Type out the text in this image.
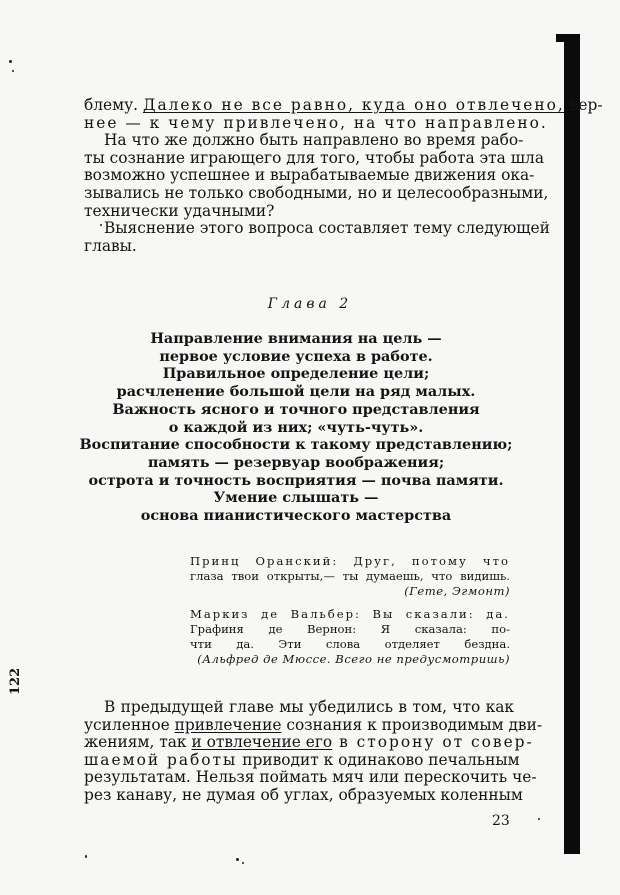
122
блему. Далеко не все равно, куда оно отвлечено, вер-
нее — к чему привлечено, на что направлено.
На что же должно быть направлено во время рабо-
ты сознание играющего для того, чтобы работа эта шла
возможно успешнее и вырабатываемые движения ока-
зывались не только свободными, но и целесообразными,
технически удачными?
Выяснение этого вопроса составляет тему следующей
главы.
Глава 2
Направление внимания на цель —
первое условие успеха в работе.
Правильное определение цели;
расчленение большой цели на ряд малых.
Важность ясного и точного представления
о каждой из них; «чуть-чуть».
Воспитание способности к такому представлению;
память — резервуар воображения;
острота и точность восприятия — почва памяти.
Умение слышать —
основа пианистического мастерства
Принц Оранский: Друг, потому что
глаза твои открыты,— ты думаешь, что видишь.
(Гете, Эгмонт)
Маркиз де Вальбер: Вы сказали: да.
Графиня де Вернон: Я сказала: по-
чти да. Эти слова отделяет бездна.
(Альфред де Мюссе. Всего не предусмотришь)
В предыдущей главе мы убедились в том, что как
усиленное привлечение сознания к производимым дви-
жениям, так и отвлечение его в сторону от совер-
шаемой работы приводит к одинаково печальным
результатам. Нельзя поймать мяч или перескочить че-
рез канаву, не думая об углах, образуемых коленным
23
